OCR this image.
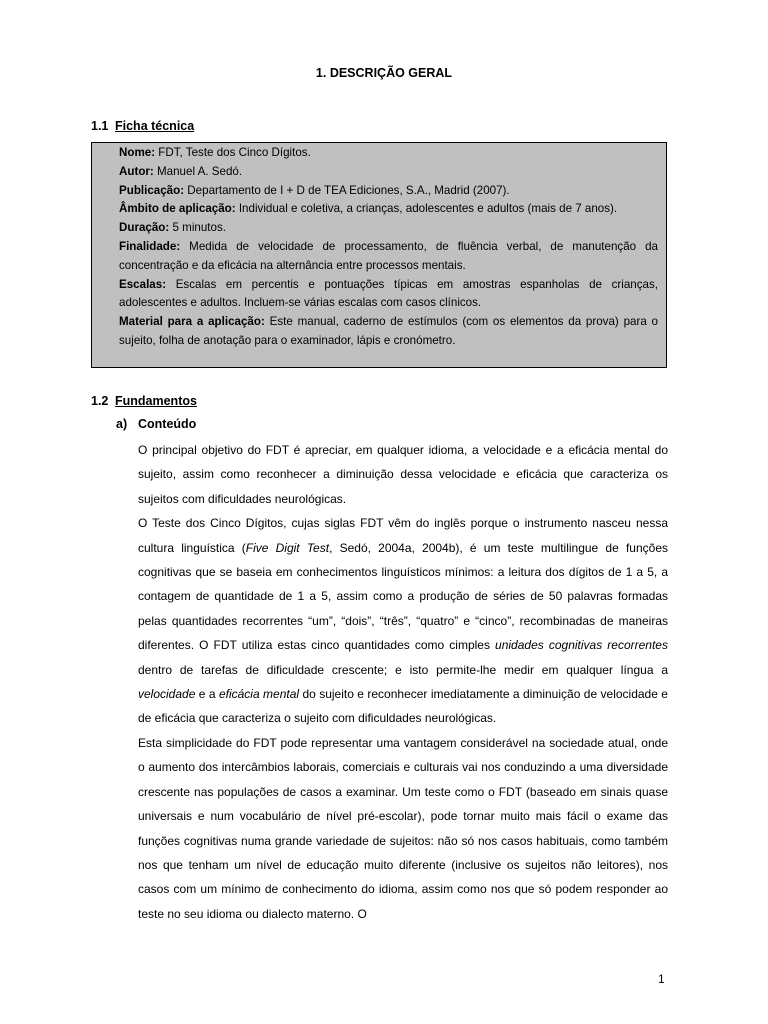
1. DESCRIÇÃO GERAL
1.1 Ficha técnica

Nome: FDT, Teste dos Cinco Dígitos.

Autor: Manuel A. Sedó.

Publicação: Departamento de I + D de TEA Ediciones, S.A., Madrid (2007).

Âmbito de aplicação: Individual e coletiva, a crianças, adolescentes e adultos (mais de 7 anos).

Duração: 5 minutos.

Finalidade: Medida de velocidade de processamento, de fluência verbal, de manutenção da concentração e da eficácia na alternância entre processos mentais.

Escalas: Escalas em percentis e pontuações típicas em amostras espanholas de crianças, adolescentes e adultos. Incluem-se várias escalas com casos clínicos.

Material para a aplicação: Este manual, caderno de estímulos (com os elementos da prova) para o sujeito, folha de anotação para o examinador, lápis e cronómetro.

1.2 Fundamentos
a) Conteúdo

O principal objetivo do FDT é apreciar, em qualquer idioma, a velocidade e a eficácia mental do sujeito, assim como reconhecer a diminuição dessa velocidade e eficácia que caracteriza os sujeitos com dificuldades neurológicas.

O Teste dos Cinco Dígitos, cujas siglas FDT vêm do inglês porque o instrumento nasceu nessa cultura linguística (Five Digit Test, Sedó, 2004a, 2004b), é um teste multilingue de funções cognitivas que se baseia em conhecimentos linguísticos mínimos: a leitura dos dígitos de 1 a 5, a contagem de quantidade de 1 a 5, assim como a produção de séries de 50 palavras formadas pelas quantidades recorrentes “um”, “dois”, “três”, “quatro” e “cinco”, recombinadas de maneiras diferentes. O FDT utiliza estas cinco quantidades como cimples unidades cognitivas recorrentes dentro de tarefas de dificuldade crescente; e isto permite-lhe medir em qualquer língua a velocidade e a eficácia mental do sujeito e reconhecer imediatamente a diminuição de velocidade e de eficácia que caracteriza o sujeito com dificuldades neurológicas.

Esta simplicidade do FDT pode representar uma vantagem considerável na sociedade atual, onde o aumento dos intercâmbios laborais, comerciais e culturais vai nos conduzindo a uma diversidade crescente nas populações de casos a examinar. Um teste como o FDT (baseado em sinais quase universais e num vocabulário de nível pré-escolar), pode tornar muito mais fácil o exame das funções cognitivas numa grande variedade de sujeitos: não só nos casos habituais, como também nos que tenham um nível de educação muito diferente (inclusive os sujeitos não leitores), nos casos com um mínimo de conhecimento do idioma, assim como nos que só podem responder ao teste no seu idioma ou dialecto materno. O

1
